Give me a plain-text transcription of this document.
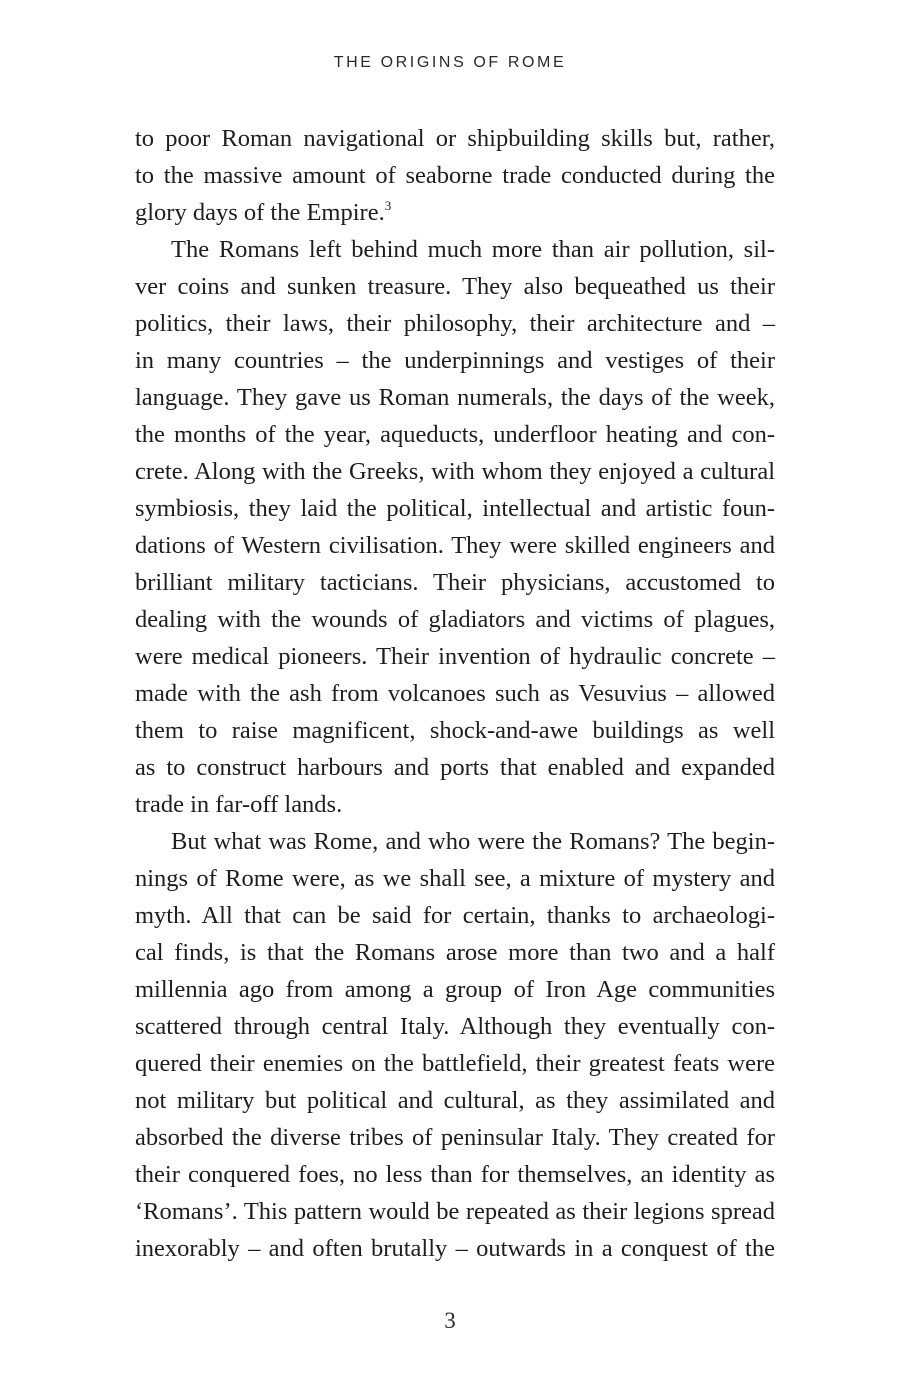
THE ORIGINS OF ROME
to poor Roman navigational or shipbuilding skills but, rather,
to the massive amount of seaborne trade conducted during the
glory days of the Empire.$^3$
The Romans left behind much more than air pollution, sil-
ver coins and sunken treasure. They also bequeathed us their
politics, their laws, their philosophy, their architecture and –
in many countries – the underpinnings and vestiges of their
language. They gave us Roman numerals, the days of the week,
the months of the year, aqueducts, underfloor heating and con-
crete. Along with the Greeks, with whom they enjoyed a cultural
symbiosis, they laid the political, intellectual and artistic foun-
dations of Western civilisation. They were skilled engineers and
brilliant military tacticians. Their physicians, accustomed to
dealing with the wounds of gladiators and victims of plagues,
were medical pioneers. Their invention of hydraulic concrete –
made with the ash from volcanoes such as Vesuvius – allowed
them to raise magnificent, shock-and-awe buildings as well
as to construct harbours and ports that enabled and expanded
trade in far-off lands.
But what was Rome, and who were the Romans? The begin-
nings of Rome were, as we shall see, a mixture of mystery and
myth. All that can be said for certain, thanks to archaeologi-
cal finds, is that the Romans arose more than two and a half
millennia ago from among a group of Iron Age communities
scattered through central Italy. Although they eventually con-
quered their enemies on the battlefield, their greatest feats were
not military but political and cultural, as they assimilated and
absorbed the diverse tribes of peninsular Italy. They created for
their conquered foes, no less than for themselves, an identity as
‘Romans’. This pattern would be repeated as their legions spread
inexorably – and often brutally – outwards in a conquest of the
3
